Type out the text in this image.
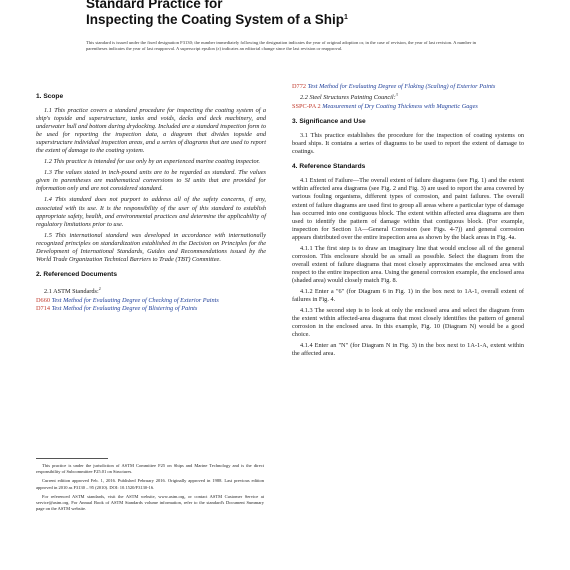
Standard Practice for
Inspecting the Coating System of a Ship$^1$
This standard is issued under the fixed designation F3130; the number immediately following the designation indicates the year of original adoption or, in the case of revision, the year of last revision. A number in parentheses indicates the year of last reapproval. A superscript epsilon (ε) indicates an editorial change since the last revision or reapproval.
1. Scope

1.1 This practice covers a standard procedure for inspecting the coating system of a ship's topside and superstructure, tanks and voids, decks and deck machinery, and underwater hull and bottom during drydocking. Included are a standard inspection form to be used for reporting the inspection data, a diagram that divides topside and superstructure individual inspection areas, and a series of diagrams that are used to report the extent of damage to the coating system.

1.2 This practice is intended for use only by an experienced marine coating inspector.

1.3 The values stated in inch-pound units are to be regarded as standard. The values given in parentheses are mathematical conversions to SI units that are provided for information only and are not considered standard.

1.4 This standard does not purport to address all of the safety concerns, if any, associated with its use. It is the responsibility of the user of this standard to establish appropriate safety, health, and environmental practices and determine the applicability of regulatory limitations prior to use.

1.5 This international standard was developed in accordance with internationally recognized principles on standardization established in the Decision on Principles for the Development of International Standards, Guides and Recommendations issued by the World Trade Organization Technical Barriers to Trade (TBT) Committee.

2. Referenced Documents
2.1 ASTM Standards:$^2$
D660 Test Method for Evaluating Degree of Checking of Exterior Paints
D714 Test Method for Evaluating Degree of Blistering of Paints
D772 Test Method for Evaluating Degree of Flaking (Scaling) of Exterior Paints
2.2 Steel Structures Painting Council:$^3$
SSPC-PA 2 Measurement of Dry Coating Thickness with Magnetic Gages
3. Significance and Use

3.1 This practice establishes the procedure for the inspection of coating systems on board ships. It contains a series of diagrams to be used to report the extent of damage to coatings.

4. Reference Standards

4.1 Extent of Failure—The overall extent of failure diagrams (see Fig. 1) and the extent within affected area diagrams (see Fig. 2 and Fig. 3) are used to report the area covered by various fouling organisms, different types of corrosion, and paint failures. The overall extent of failure diagrams are used first to group all areas where a particular type of damage has occurred into one contiguous block. The extent within affected area diagrams are then used to identify the pattern of damage within that contiguous block. (For example, inspection for Section 1A—General Corrosion (see Figs. 4-7)) and general corrosion appears distributed over the entire inspection area as shown by the black areas in Fig. 4a.

4.1.1 The first step is to draw an imaginary line that would enclose all of the general corrosion. This enclosure should be as small as possible. Select the diagram from the overall extent of failure diagrams that most closely approximates the enclosed area with respect to the entire inspection area. Using the general corrosion example, the enclosed area (shaded area) would closely match Fig. 8.

4.1.2 Enter a "6" (for Diagram 6 in Fig. 1) in the box next to 1A-1, overall extent of failures in Fig. 4.

4.1.3 The second step is to look at only the enclosed area and select the diagram from the extent within affected-area diagrams that most closely identifies the pattern of general corrosion in the enclosed area. In this example, Fig. 10 (Diagram N) would be a good choice.

4.1.4 Enter an "N" (for Diagram N in Fig. 3) in the box next to 1A-1-A, extent within the affected area.

This practice is under the jurisdiction of ASTM Committee F25 on Ships and Marine Technology and is the direct responsibility of Subcommittee F25.01 on Structures.

Current edition approved Feb. 1, 2016. Published February 2016. Originally approved in 1988. Last previous edition approved in 2010 as F3130 – 95 (2010). DOI: 10.1520/F3130-16.

For referenced ASTM standards, visit the ASTM website, www.astm.org, or contact ASTM Customer Service at service@astm.org. For Annual Book of ASTM Standards volume information, refer to the standard's Document Summary page on the ASTM website.
